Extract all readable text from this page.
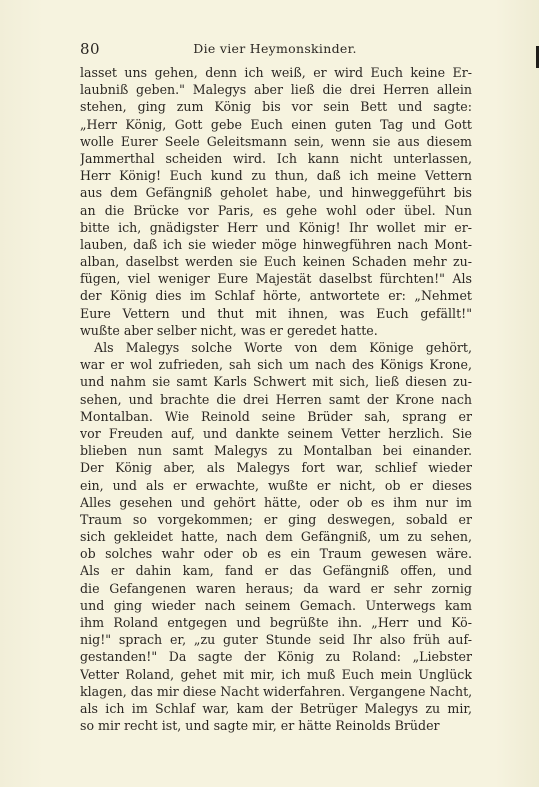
80	Die vier Heymonskinder.
lasset uns gehen, denn ich weiß, er wird Euch keine Er-
laubniß geben." Malegys aber ließ die drei Herren allein
stehen, ging zum König bis vor sein Bett und sagte:
„Herr König, Gott gebe Euch einen guten Tag und Gott
wolle Eurer Seele Geleitsmann sein, wenn sie aus diesem
Jammerthal scheiden wird. Ich kann nicht unterlassen,
Herr König! Euch kund zu thun, daß ich meine Vettern
aus dem Gefängniß geholet habe, und hinweggeführt bis
an die Brücke vor Paris, es gehe wohl oder übel. Nun
bitte ich, gnädigster Herr und König! Ihr wollet mir er-
lauben, daß ich sie wieder möge hinwegführen nach Mont-
alban, daselbst werden sie Euch keinen Schaden mehr zu-
fügen, viel weniger Eure Majestät daselbst fürchten!" Als
der König dies im Schlaf hörte, antwortete er: „Nehmet
Eure Vettern und thut mit ihnen, was Euch gefällt!"
wußte aber selber nicht, was er geredet hatte.
Als Malegys solche Worte von dem Könige gehört,
war er wol zufrieden, sah sich um nach des Königs Krone,
und nahm sie samt Karls Schwert mit sich, ließ diesen zu-
sehen, und brachte die drei Herren samt der Krone nach
Montalban. Wie Reinold seine Brüder sah, sprang er
vor Freuden auf, und dankte seinem Vetter herzlich. Sie
blieben nun samt Malegys zu Montalban bei einander.
Der König aber, als Malegys fort war, schlief wieder
ein, und als er erwachte, wußte er nicht, ob er dieses
Alles gesehen und gehört hätte, oder ob es ihm nur im
Traum so vorgekommen; er ging deswegen, sobald er
sich gekleidet hatte, nach dem Gefängniß, um zu sehen,
ob solches wahr oder ob es ein Traum gewesen wäre.
Als er dahin kam, fand er das Gefängniß offen, und
die Gefangenen waren heraus; da ward er sehr zornig
und ging wieder nach seinem Gemach. Unterwegs kam
ihm Roland entgegen und begrüßte ihn. „Herr und Kö-
nig!" sprach er, „zu guter Stunde seid Ihr also früh auf-
gestanden!" Da sagte der König zu Roland: „Liebster
Vetter Roland, gehet mit mir, ich muß Euch mein Unglück
klagen, das mir diese Nacht widerfahren. Vergangene Nacht,
als ich im Schlaf war, kam der Betrüger Malegys zu mir,
so mir recht ist, und sagte mir, er hätte Reinolds Brüder
